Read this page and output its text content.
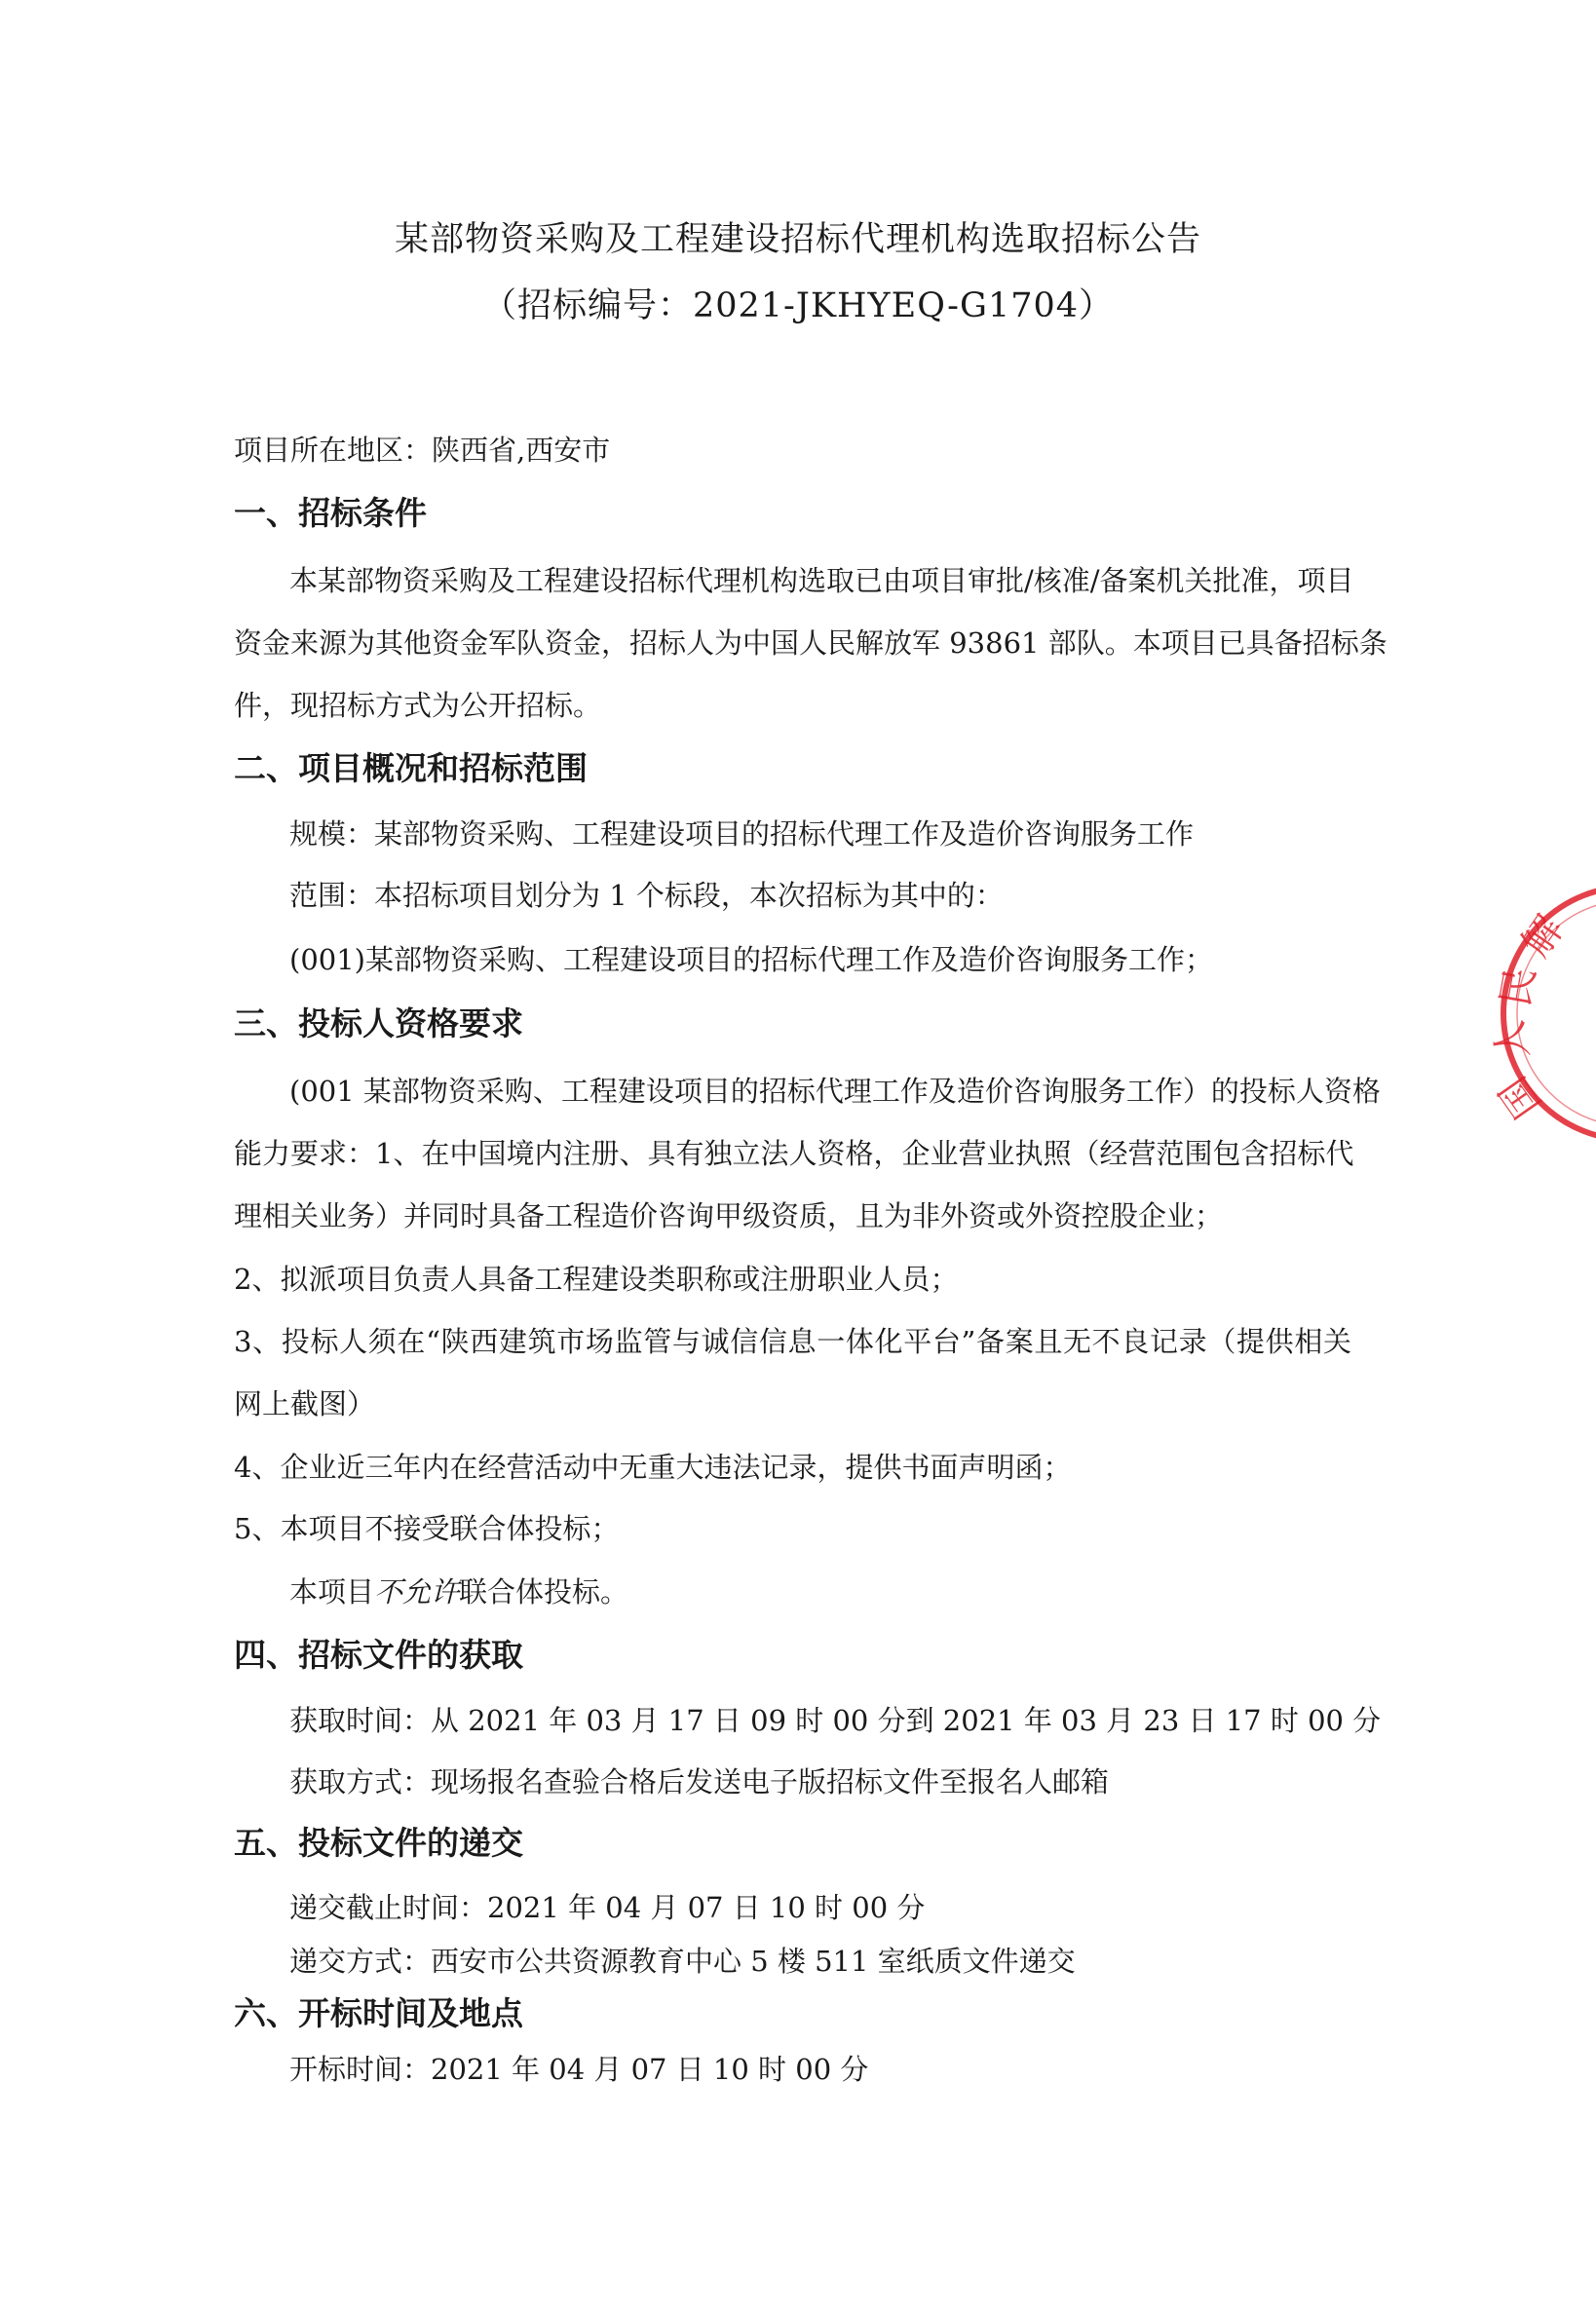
某部物资采购及工程建设招标代理机构选取招标公告
（招标编号：2021-JKHYEQ-G1704）
项目所在地区：陕西省,西安市
一、招标条件
本某部物资采购及工程建设招标代理机构选取已由项目审批/核准/备案机关批准，项目
资金来源为其他资金军队资金，招标人为中国人民解放军 93861 部队。本项目已具备招标条
件，现招标方式为公开招标。
二、项目概况和招标范围
规模：某部物资采购、工程建设项目的招标代理工作及造价咨询服务工作
范围：本招标项目划分为 1 个标段，本次招标为其中的：
(001)某部物资采购、工程建设项目的招标代理工作及造价咨询服务工作；
三、投标人资格要求
(001 某部物资采购、工程建设项目的招标代理工作及造价咨询服务工作）的投标人资格
能力要求：1、在中国境内注册、具有独立法人资格，企业营业执照（经营范围包含招标代
理相关业务）并同时具备工程造价咨询甲级资质，且为非外资或外资控股企业；
2、拟派项目负责人具备工程建设类职称或注册职业人员；
3、投标人须在“陕西建筑市场监管与诚信信息一体化平台”备案且无不良记录（提供相关
网上截图）
4、企业近三年内在经营活动中无重大违法记录，提供书面声明函；
5、本项目不接受联合体投标；
本项目不允许联合体投标。
四、招标文件的获取
获取时间：从 2021 年 03 月 17 日 09 时 00 分到 2021 年 03 月 23 日 17 时 00 分
获取方式：现场报名查验合格后发送电子版招标文件至报名人邮箱
五、投标文件的递交
递交截止时间：2021 年 04 月 07 日 10 时 00 分
递交方式：西安市公共资源教育中心 5 楼 511 室纸质文件递交
六、开标时间及地点
开标时间：2021 年 04 月 07 日 10 时 00 分
解
民
人
国
